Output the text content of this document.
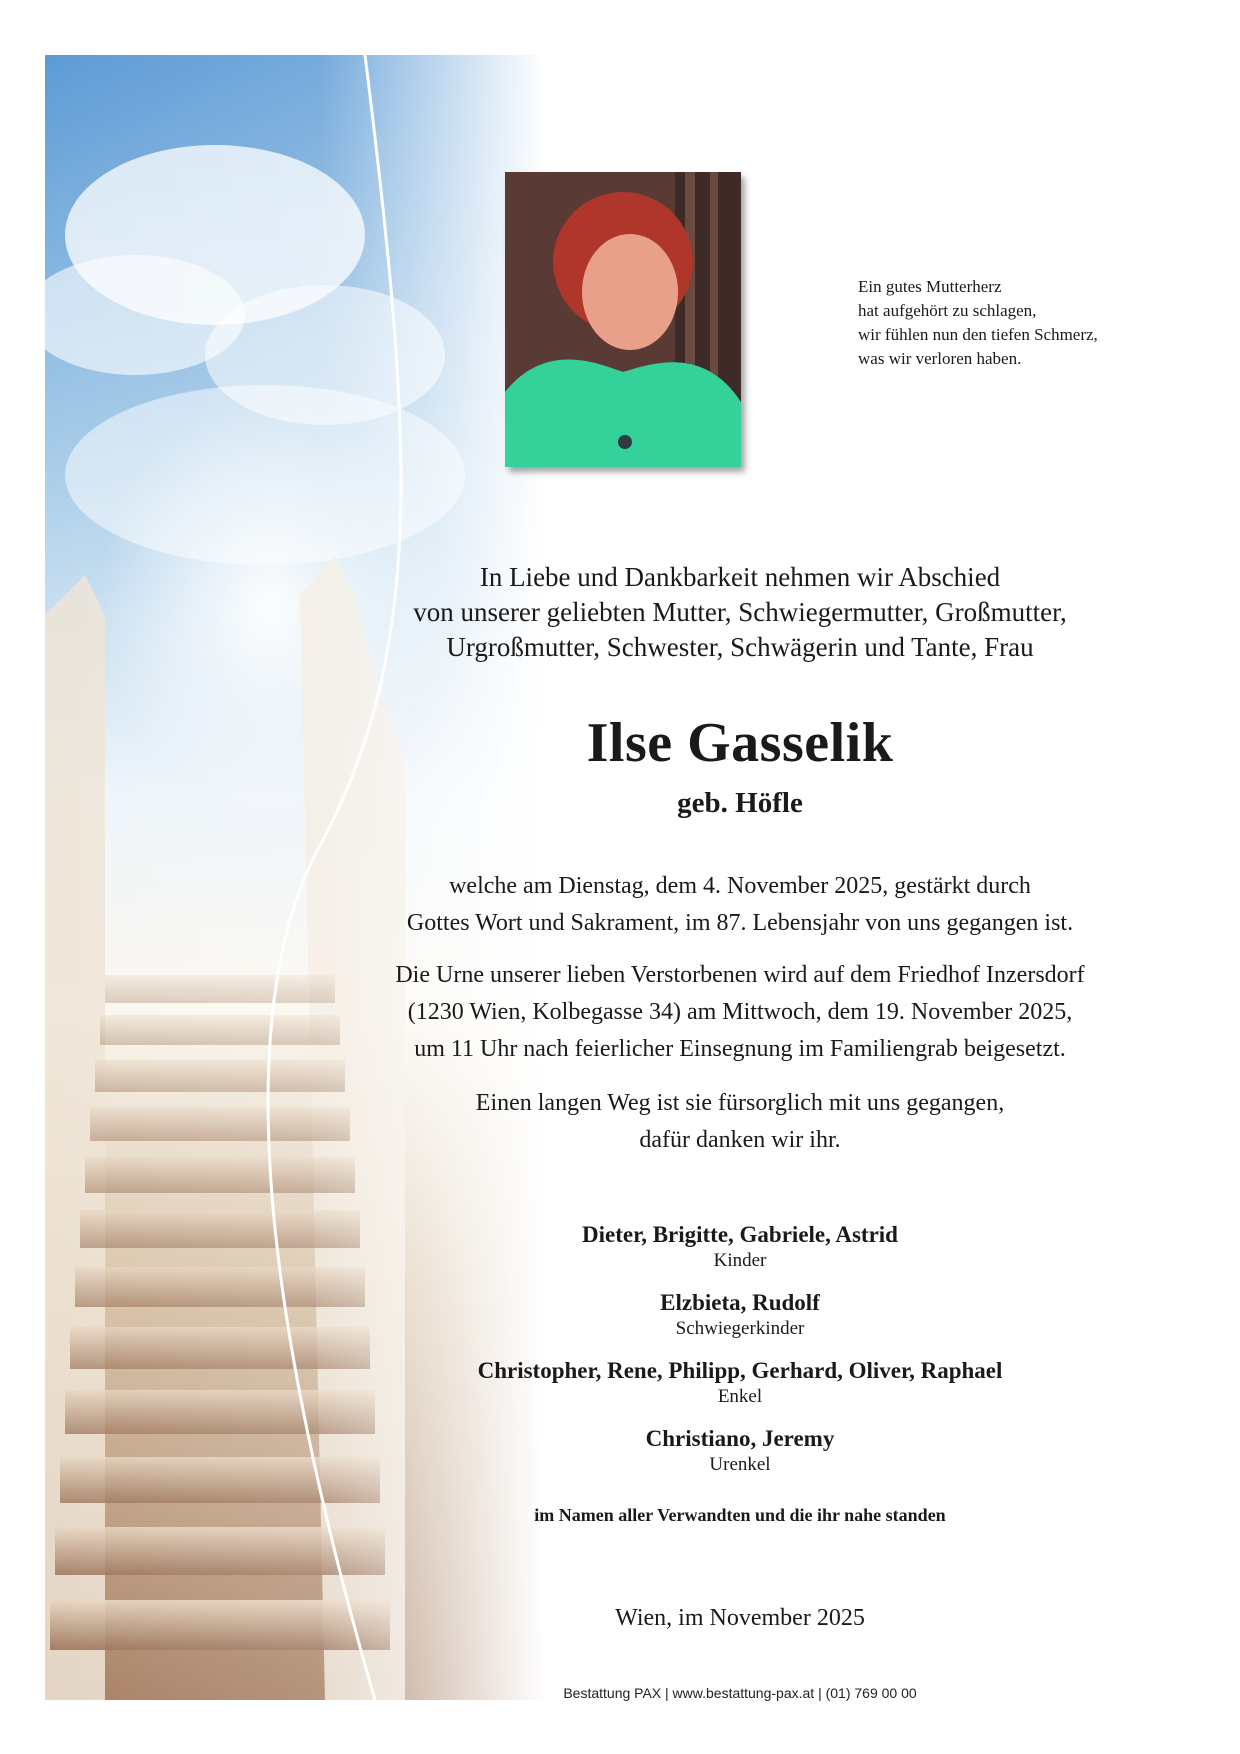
Ein gutes Mutterherz
hat aufgehört zu schlagen,
wir fühlen nun den tiefen Schmerz,
was wir verloren haben.
In Liebe und Dankbarkeit nehmen wir Abschied
von unserer geliebten Mutter, Schwiegermutter, Großmutter,
Urgroßmutter, Schwester, Schwägerin und Tante, Frau
Ilse Gasselik
geb. Höfle
welche am Dienstag, dem 4. November 2025, gestärkt durch
Gottes Wort und Sakrament, im 87. Lebensjahr von uns gegangen ist.
Die Urne unserer lieben Verstorbenen wird auf dem Friedhof Inzersdorf
(1230 Wien, Kolbegasse 34) am Mittwoch, dem 19. November 2025,
um 11 Uhr nach feierlicher Einsegnung im Familiengrab beigesetzt.
Einen langen Weg ist sie fürsorglich mit uns gegangen,
dafür danken wir ihr.
Dieter, Brigitte, Gabriele, Astrid
Kinder
Elzbieta, Rudolf
Schwiegerkinder
Christopher, Rene, Philipp, Gerhard, Oliver, Raphael
Enkel
Christiano, Jeremy
Urenkel
im Namen aller Verwandten und die ihr nahe standen
Wien, im November 2025
Bestattung PAX | www.bestattung-pax.at | (01) 769 00 00
